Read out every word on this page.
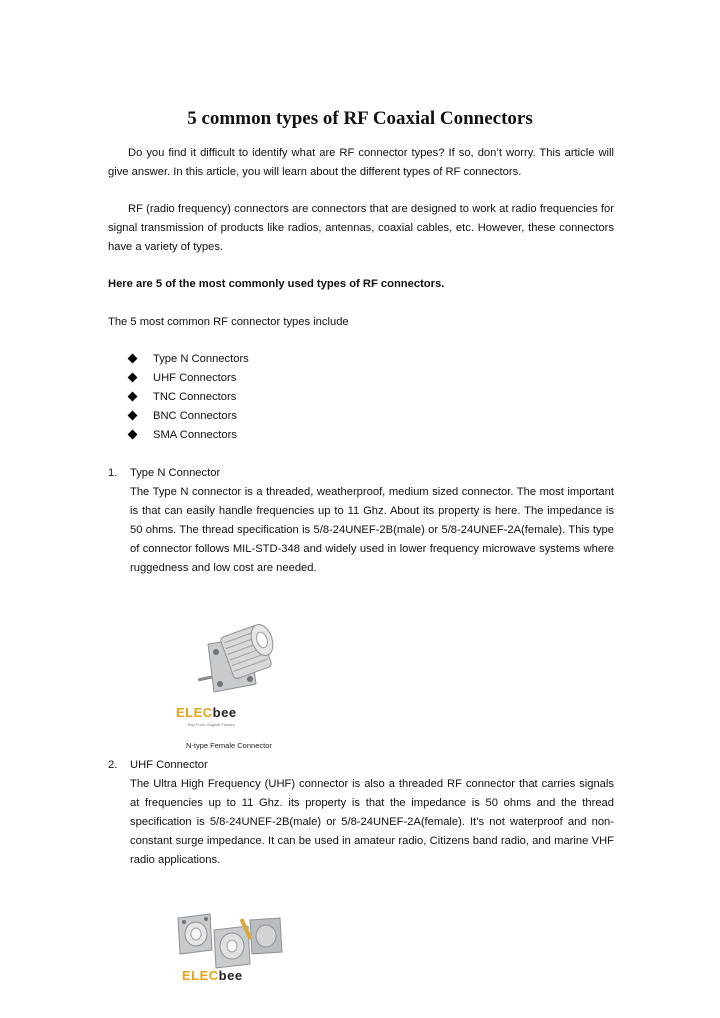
5 common types of RF Coaxial Connectors
Do you find it difficult to identify what are RF connector types? If so, don’t worry. This article will give answer. In this article, you will learn about the different types of RF connectors.
RF (radio frequency) connectors are connectors that are designed to work at radio frequencies for signal transmission of products like radios, antennas, coaxial cables, etc. However, these connectors have a variety of types.
Here are 5 of the most commonly used types of RF connectors.
The 5 most common RF connector types include
Type N Connectors
UHF Connectors
TNC Connectors
BNC Connectors
SMA Connectors
1. Type N Connector
The Type N connector is a threaded, weatherproof, medium sized connector. The most important is that can easily handle frequencies up to 11 Ghz. About its property is here. The impedance is 50 ohms. The thread specification is 5/8-24UNEF-2B(male) or 5/8-24UNEF-2A(female). This type of connector follows MIL-STD-348 and widely used in lower frequency microwave systems where ruggedness and low cost are needed.
ELECbee
Buy From Original Factory
N-type Female Connector
2. UHF Connector
The Ultra High Frequency (UHF) connector is also a threaded RF connector that carries signals at frequencies up to 11 Ghz. its property is that the impedance is 50 ohms and the thread specification is 5/8-24UNEF-2B(male) or 5/8-24UNEF-2A(female). It’s not waterproof and non-constant surge impedance. It can be used in amateur radio, Citizens band radio, and marine VHF radio applications.
ELECbee
